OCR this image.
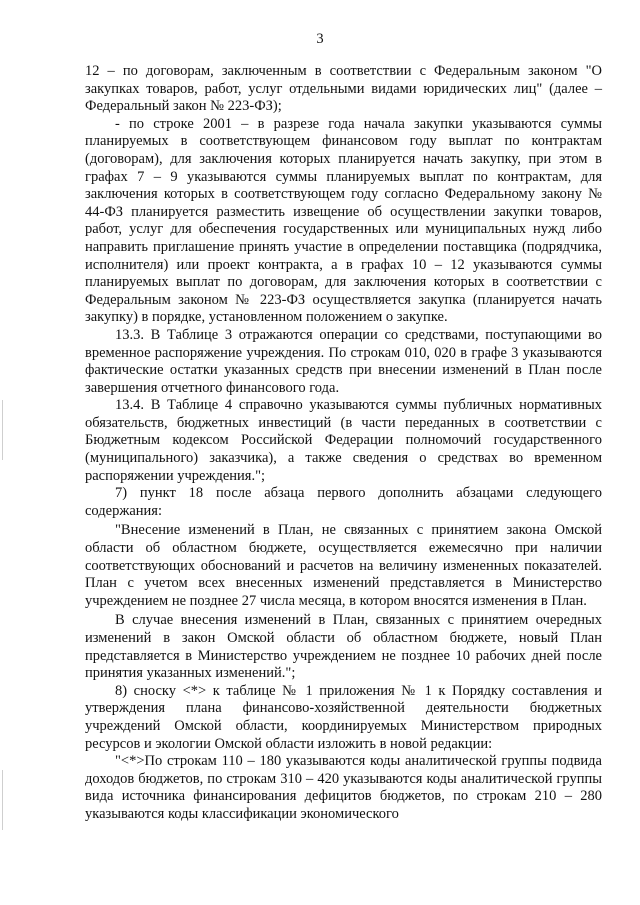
3

12 – по договорам, заключенным в соответствии с Федеральным законом "О закупках товаров, работ, услуг отдельными видами юридических лиц" (далее – Федеральный закон № 223-ФЗ);

- по строке 2001 – в разрезе года начала закупки указываются суммы планируемых в соответствующем финансовом году выплат по контрактам (договорам), для заключения которых планируется начать закупку, при этом в графах 7 – 9 указываются суммы планируемых выплат по контрактам, для заключения которых в соответствующем году согласно Федеральному закону № 44-ФЗ планируется разместить извещение об осуществлении закупки товаров, работ, услуг для обеспечения государственных или муниципальных нужд либо направить приглашение принять участие в определении поставщика (подрядчика, исполнителя) или проект контракта, а в графах 10 – 12 указываются суммы планируемых выплат по договорам, для заключения которых в соответствии с Федеральным законом № 223-ФЗ осуществляется закупка (планируется начать закупку) в порядке, установленном положением о закупке.

13.3. В Таблице 3 отражаются операции со средствами, поступающими во временное распоряжение учреждения. По строкам 010, 020 в графе 3 указываются фактические остатки указанных средств при внесении изменений в План после завершения отчетного финансового года.

13.4. В Таблице 4 справочно указываются суммы публичных нормативных обязательств, бюджетных инвестиций (в части переданных в соответствии с Бюджетным кодексом Российской Федерации полномочий государственного (муниципального) заказчика), а также сведения о средствах во временном распоряжении учреждения.";

7) пункт 18 после абзаца первого дополнить абзацами следующего содержания:

"Внесение изменений в План, не связанных с принятием закона Омской области об областном бюджете, осуществляется ежемесячно при наличии соответствующих обоснований и расчетов на величину измененных показателей. План с учетом всех внесенных изменений представляется в Министерство учреждением не позднее 27 числа месяца, в котором вносятся изменения в План.

В случае внесения изменений в План, связанных с принятием очередных изменений в закон Омской области об областном бюджете, новый План представляется в Министерство учреждением не позднее 10 рабочих дней после принятия указанных изменений.";

8) сноску <*> к таблице № 1 приложения № 1 к Порядку составления и утверждения плана финансово-хозяйственной деятельности бюджетных учреждений Омской области, координируемых Министерством природных ресурсов и экологии Омской области изложить в новой редакции:

"<*>По строкам 110 – 180 указываются коды аналитической группы подвида доходов бюджетов, по строкам 310 – 420 указываются коды аналитической группы вида источника финансирования дефицитов бюджетов, по строкам 210 – 280 указываются коды классификации экономического
